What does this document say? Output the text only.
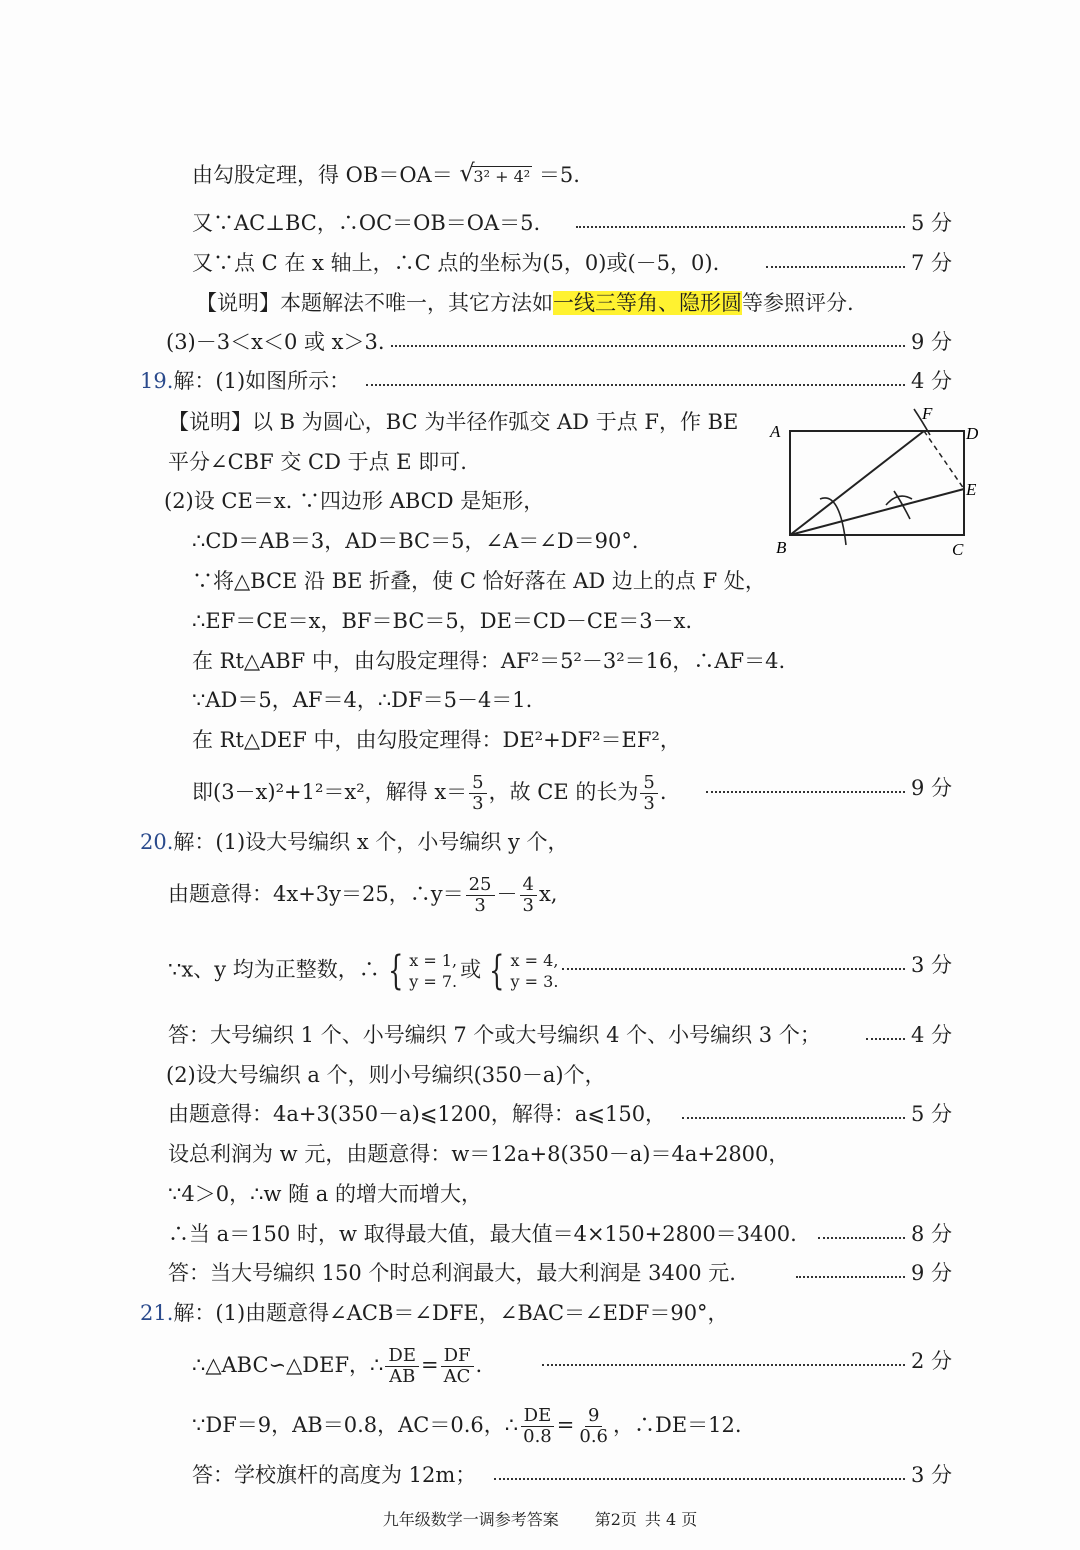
由勾股定理，得 OB＝OA＝ √
3² + 4² ＝5.
又∵AC⊥BC，∴OC＝OB＝OA＝5.	5 分
又∵点 C 在 x 轴上，∴C 点的坐标为(5，0)或(－5，0).	7 分
【说明】本题解法不唯一，其它方法如一线三等角、隐形圆等参照评分.
(3)－3＜x＜0 或 x＞3.	9 分
19.解：(1)如图所示：	4 分
【说明】以 B 为圆心，BC 为半径作弧交 AD 于点 F，作 BE
平分∠CBF 交 CD 于点 E 即可.
(2)设 CE＝x. ∵四边形 ABCD 是矩形，
∴CD＝AB＝3，AD＝BC＝5，∠A＝∠D＝90°．
∵将△BCE 沿 BE 折叠，使 C 恰好落在 AD 边上的点 F 处，
∴EF＝CE＝x，BF＝BC＝5，DE＝CD－CE＝3－x.
在 Rt△ABF 中，由勾股定理得：AF²＝5²－3²＝16，∴AF＝4.
∵AD＝5，AF＝4，∴DF＝5－4＝1.
在 Rt△DEF 中，由勾股定理得：DE²+DF²＝EF²，
即(3－x)²+1²＝x²，解得 $x= \frac{5}{3}$ ，故 CE 的长为 $\frac{5}{3}$ .	9 分
20.解：(1)设大号编织 x 个，小号编织 y 个，
由题意得：4x+3y＝25，∴y＝ $\frac{25}{3} - \frac{4}{3} x$,
∵x、y 均为正整数，∴ { x = 1,
y = 7. 或 { x = 4,
y = 3.
3 分
答：大号编织 1 个、小号编织 7 个或大号编织 4 个、小号编织 3 个；	4 分
(2)设大号编织 a 个，则小号编织(350－a)个，
由题意得：4a+3(350－a)⩽1200，解得：a⩽150，	5 分
设总利润为 w 元，由题意得：w＝12a+8(350－a)＝4a+2800，
∵4＞0，∴w 随 a 的增大而增大，
∴当 a＝150 时，w 取得最大值，最大值＝4×150+2800＝3400.	8 分
答：当大号编织 150 个时总利润最大，最大利润是 3400 元.	9 分
21.解：(1)由题意得∠ACB＝∠DFE，∠BAC＝∠EDF＝90°，
∴△ABC∽△DEF，∴ $\frac{DE}{AB} = \frac{DF}{AC}$ .	2 分
∵DF＝9，AB＝0.8，AC＝0.6，∴ $\frac{DE}{0.8} = \frac{9}{0.6}$ ，∴DE＝12.
答：学校旗杆的高度为 12m；	3 分
A
B	C
D
E
F
九年级数学一调参考答案 第2页 共 4 页
